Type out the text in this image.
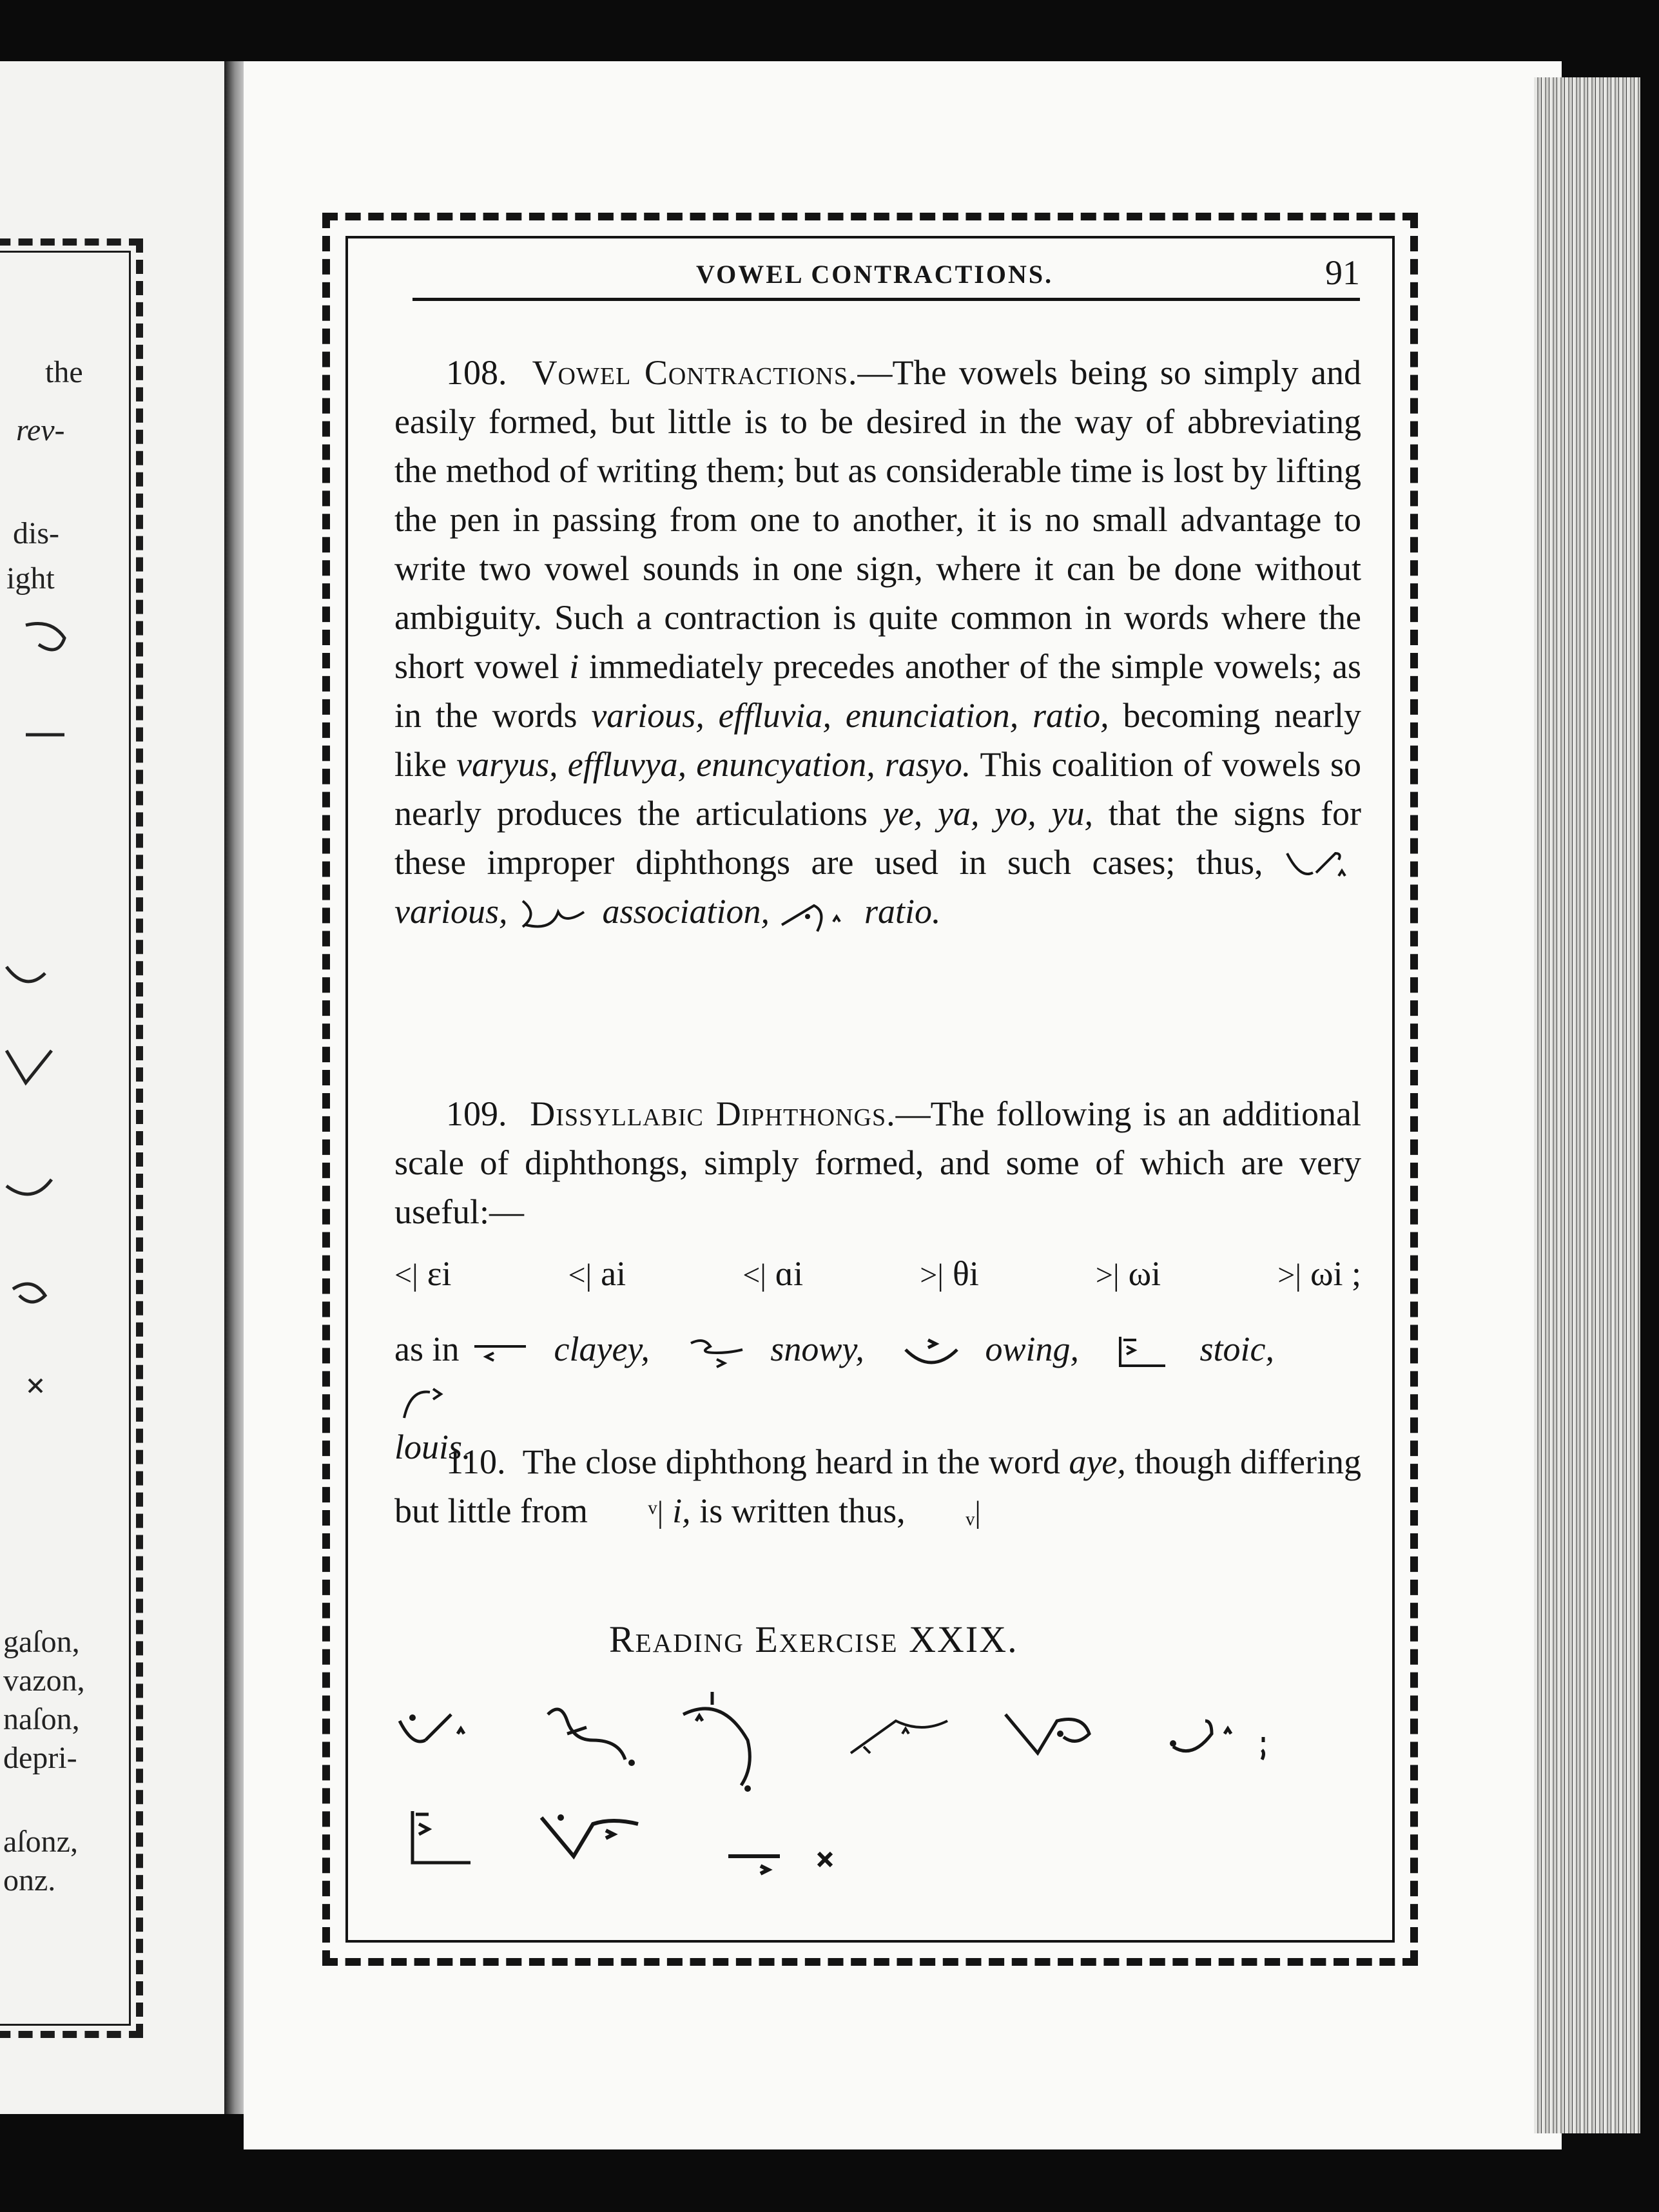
the
rev-
dis-
ight
gaſon,
vazon,
naſon,
depri-
aſonz,
onz.
VOWEL CONTRACTIONS.	91

108. Vowel Contractions.—The vowels being so simply and easily formed, but little is to be desired in the way of abbreviating the method of writing them; but as considerable time is lost by lifting the pen in passing from one to another, it is no small advantage to write two vowel sounds in one sign, where it can be done without ambiguity. Such a contraction is quite common in words where the short vowel i immediately precedes another of the simple vowels; as in the words various, effluvia, enunciation, ratio, becoming nearly like varyus, effluvya, enuncyation, rasyo. This coalition of vowels so nearly produces the articulations ye, ya, yo, yu, that the signs for these improper diphthongs are used in such cases; thus,  various,	association,	ratio.

109. Dissyllabic Diphthongs.—The following is an additional scale of diphthongs, simply formed, and some of which are very useful:—

<| ɛi	<| ai	<| ɑi	>| θi	>| ωi	>| ωi ;

as in	clayey,	snowy,	owing,	stoic,
louis.

110. The close diphthong heard in the word aye, though differing but little from ᵛ| i, is written thus, ᵥ|

Reading Exercise XXIX.
